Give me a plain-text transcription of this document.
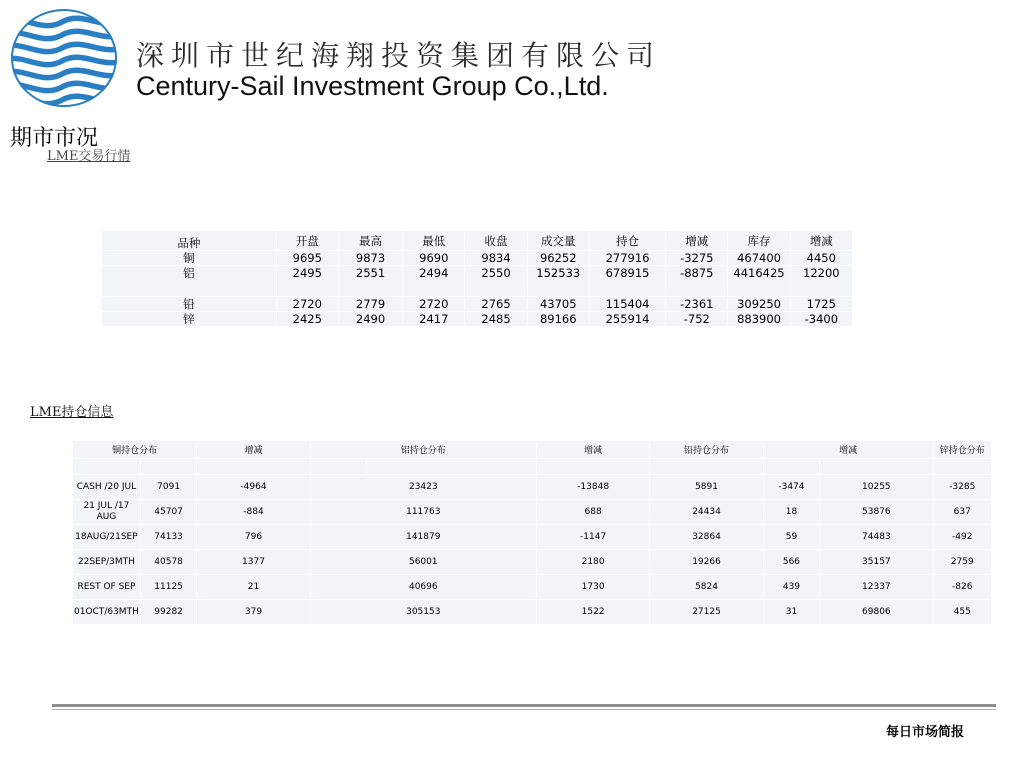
深圳市世纪海翔投资集团有限公司
Century-Sail Investment Group Co.,Ltd.
期市市况
LME交易行情
品种	开盘	最高	最低	收盘	成交量	持仓	增减	库存	增减
铜	9695	9873	9690	9834	96252	277916	-3275	467400	4450
铝	2495	2551	2494	2550	152533	678915	-8875	4416425	12200
铅	2720	2779	2720	2765	43705	115404	-2361	309250	1725
锌	2425	2490	2417	2485	89166	255914	-752	883900	-3400
LME持仓信息

铜持仓分布		增减	铝持仓分布		增减	铅持仓分布	增减		锌持仓分布
CASH /20 JUL	7091	-4964	23423		-13848	5891	-3474	10255	-3285
21 JUL /17 AUG	45707	-884	111763		688	24434	18	53876	637
18AUG/21SEP	74133	796	141879		-1147	32864	59	74483	-492
22SEP/3MTH	40578	1377	56001		2180	19266	566	35157	2759
REST OF SEP	11125	21	40696		1730	5824	439	12337	-826
01OCT/63MTH	99282	379	305153		1522	27125	31	69806	455
每日市场简报
